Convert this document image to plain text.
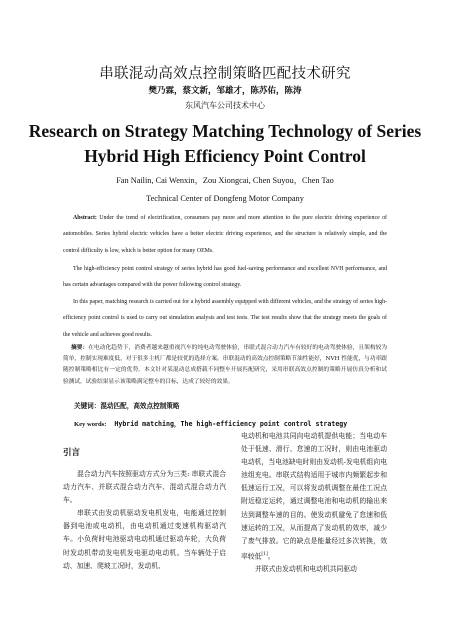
串联混动高效点控制策略匹配技术研究
樊乃霖，蔡文新，邹雄才，陈苏佑，陈涛
东风汽车公司技术中心
Research on Strategy Matching Technology of Series
Hybrid High Efficiency Point Control
Fan Nailin, Cai Wenxin，Zou Xiongcai, Chen Suyou，Chen Tao
Technical Center of Dongfeng Motor Company
Abstract: Under the trend of electrification, consumers pay more and more attention to the pure electric driving experience of automobiles. Series hybrid electric vehicles have a better electric driving experience, and the structure is relatively simple, and the control difficulty is low, which is better option for many OEMs.
The high-efficiency point control strategy of series hybrid has good fuel-saving performance and excellent NVH performance, and has certain advantages compared with the power following control strategy.
In this paper, matching research is carried out for a hybrid assembly equipped with different vehicles, and the strategy of series high-efficiency point control is used to carry out simulation analysis and test tests. The test results show that the strategy meets the goals of the vehicle and achieves good results.
摘要：在电动化趋势下，消费者越来越重视汽车的纯电动驾驶体验，串联式混合动力汽车有较好的电动驾驶体验，且架构较为简单，控制实现难度低，对于很多主机厂都是较优的选择方案。串联混动的高效点控制策略节油性能好，NVH 性能优，与功率跟随控制策略相比有一定的优势。本文针对某混动总成搭载不同整车开展匹配研究，采用串联高效点控制的策略开展仿真分析和试验测试，试验结果显示该策略满足整车的目标，达成了较好的效果。
关键词：混动匹配，高效点控制策略
Key words: Hybrid matching，The high-efficiency point control strategy
引言
混合动力汽车按照驱动方式分为三类: 串联式混合动力汽车、并联式混合动力汽车、混动式混合动力汽车。
串联式由发动机驱动发电机发电，电能通过控制器到电池或电动机，由电动机通过变速机构驱动汽车。小负荷时电池驱动电动机通过驱动车轮，大负荷时发动机带动发电机发电驱动电动机。当车辆处于启动、加速、爬坡工况时，发动机、
电动机和电池共同向电动机提供电能；当电动车处于低速、滑行、怠速的工况时，则由电池驱动电动机，当电池缺电时则由发动机-发电机组向电池组充电。串联式结构适用于城市内频繁起步和低速运行工况，可以将发动机调整在最佳工况点附近稳定运转，通过调整电池和电动机的输出来达到调整车速的目的。使发动机避免了怠速和低速运转的工况，从而提高了发动机的效率，减少了废气排放。它的缺点是能量经过多次转换，效率较低[1]。
并联式由发动机和电动机共同驱动
